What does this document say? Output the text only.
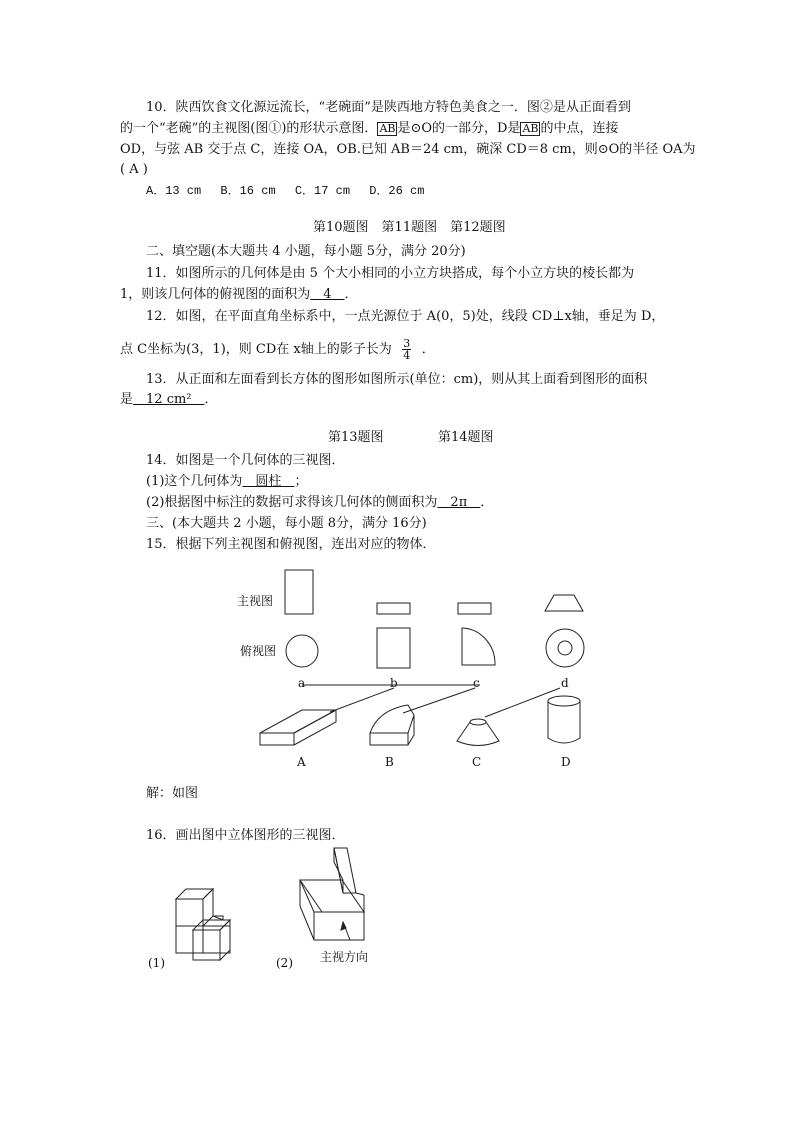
10．陕西饮食文化源远流长，“老碗面”是陕西地方特色美食之一．图②是从正面看到
的一个“老碗”的主视图(图①)的形状示意图． AB 是⊙O的一部分，D是 AB 的中点，连接
OD，与弦 AB 交于点 C，连接 OA，OB.已知 AB＝24 cm，碗深 CD＝8 cm，则⊙O的半径 OA为
( A )
A．13 cm　 B．16 cm　 C．17 cm　 D．26 cm
第10题图　第11题图　第12题图
二、填空题(本大题共 4 小题，每小题 5分，满分 20分)
11．如图所示的几何体是由 5 个大小相同的小立方块搭成，每个小立方块的棱长都为
1，则该几何体的俯视图的面积为　4　．
12．如图，在平面直角坐标系中，一点光源位于 A(0，5)处，线段 CD⊥x轴，垂足为 D，
点 C坐标为(3，1)，则 CD在 x轴上的影子长为 $\frac{3}{4}$ ．
13．从正面和左面看到长方体的图形如图所示(单位：cm)，则从其上面看到图形的面积
是　12 cm²　．
第13题图	第14题图
14．如图是一个几何体的三视图．
(1)这个几何体为　圆柱　；
(2)根据图中标注的数据可求得该几何体的侧面积为　2π　．
三、(本大题共 2 小题，每小题 8分，满分 16分)
15．根据下列主视图和俯视图，连出对应的物体．
主视图
俯视图
a	b	c	d
A	B	C	D
解：如图
16．画出图中立体图形的三视图．
(1)	(2) 主视方向
